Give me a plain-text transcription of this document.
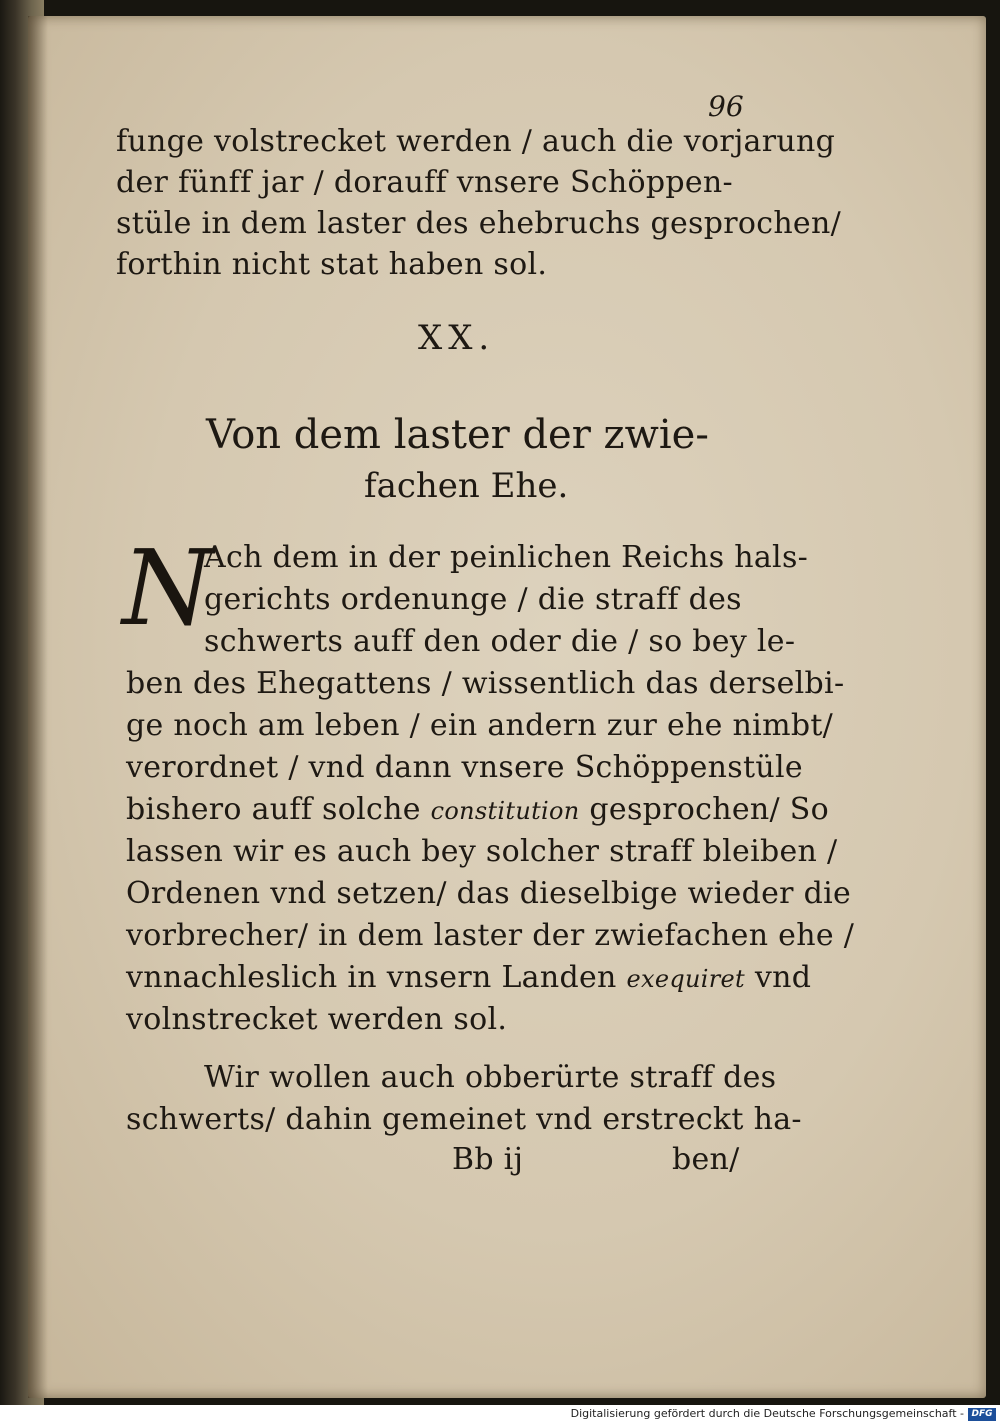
96
funge volstrecket werden / auch die vorjarung
der fünff jar / dorauff vnsere Schöppen-
stüle in dem laster des ehebruchs gesprochen/
forthin nicht stat haben sol.
XX.
Von dem laster der zwie-
fachen Ehe.
N
Ach dem in der peinlichen Reichs hals-
gerichts ordenunge / die straff des
schwerts auff den oder die / so bey le-
ben des Ehegattens / wissentlich das derselbi-
ge noch am leben / ein andern zur ehe nimbt/
verordnet / vnd dann vnsere Schöppenstüle
bishero auff solche constitution gesprochen/ So
lassen wir es auch bey solcher straff bleiben /
Ordenen vnd setzen/ das dieselbige wieder die
vorbrecher/ in dem laster der zwiefachen ehe /
vnnachleslich in vnsern Landen exequiret vnd
volnstrecket werden sol.
Wir wollen auch obberürte straff des
schwerts/ dahin gemeinet vnd erstreckt ha-
Bb ij	ben/
Digitalisierung gefördert durch die Deutsche Forschungsgemeinschaft - DFG
